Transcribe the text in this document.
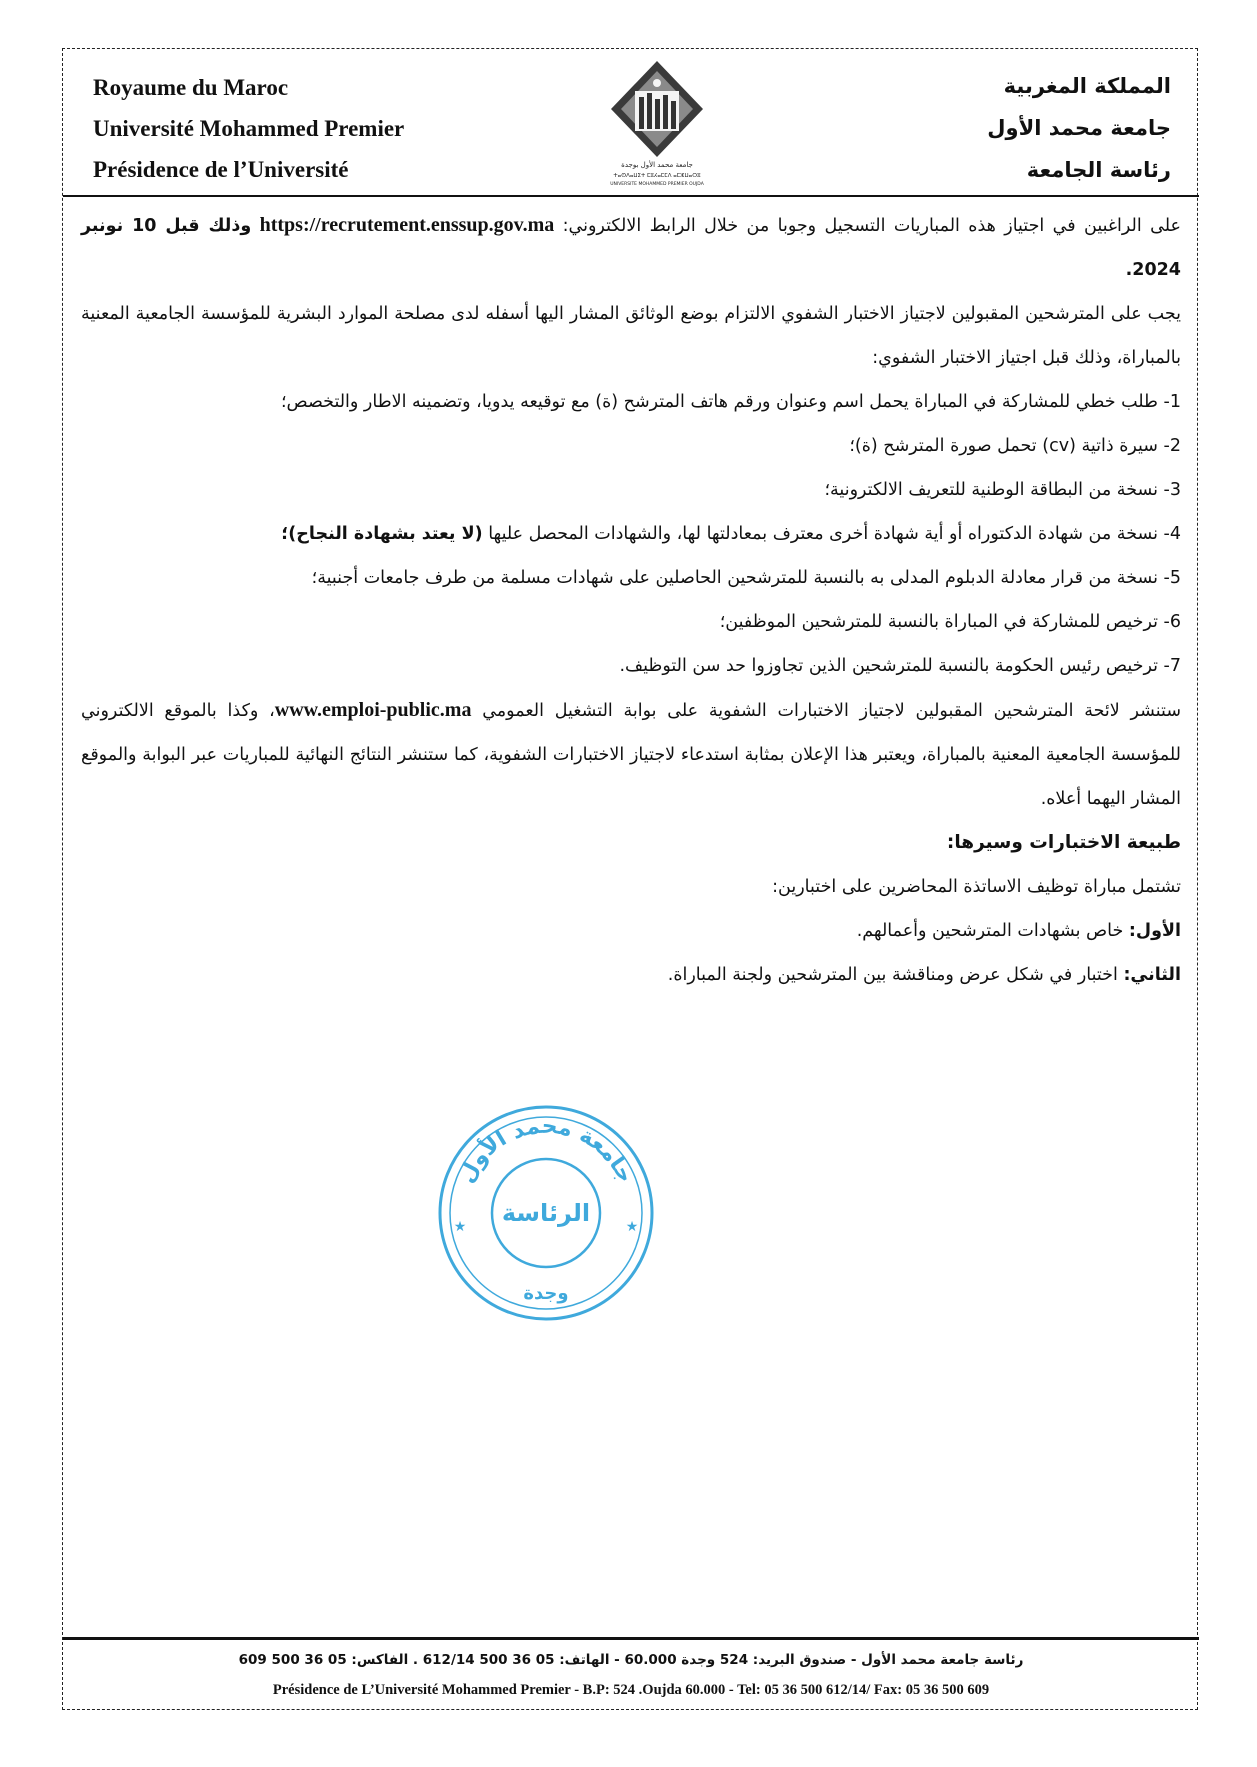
Royaume du Maroc
Université Mohammed Premier
Présidence de l’Université	جامعة محمد الأول بوجدة
ⵜⴰⵙⴷⴰⵡⵉⵜ ⵎⵓⵃⴰⵎⵎⴷ ⴰⵎⵣⵡⴰⵔⵓ
UNIVERSITE MOHAMMED PREMIER OUJDA
المملكة المغربية
جامعة محمد الأول
رئاسة الجامعة

على الراغبين في اجتياز هذه المباريات التسجيل وجوبا من خلال الرابط الالكتروني: https://recrutement.enssup.gov.ma وذلك قبل 10 نونبر 2024.

يجب على المترشحين المقبولين لاجتياز الاختبار الشفوي الالتزام بوضع الوثائق المشار اليها أسفله لدى مصلحة الموارد البشرية للمؤسسة الجامعية المعنية بالمباراة، وذلك قبل اجتياز الاختبار الشفوي:

1- طلب خطي للمشاركة في المباراة يحمل اسم وعنوان ورقم هاتف المترشح (ة) مع توقيعه يدويا، وتضمينه الاطار والتخصص؛

2- سيرة ذاتية (cv) تحمل صورة المترشح (ة)؛

3- نسخة من البطاقة الوطنية للتعريف الالكترونية؛

4- نسخة من شهادة الدكتوراه أو أية شهادة أخرى معترف بمعادلتها لها، والشهادات المحصل عليها (لا يعتد بشهادة النجاح)؛

5- نسخة من قرار معادلة الدبلوم المدلى به بالنسبة للمترشحين الحاصلين على شهادات مسلمة من طرف جامعات أجنبية؛

6- ترخيص للمشاركة في المباراة بالنسبة للمترشحين الموظفين؛

7- ترخيص رئيس الحكومة بالنسبة للمترشحين الذين تجاوزوا حد سن التوظيف.

ستنشر لائحة المترشحين المقبولين لاجتياز الاختبارات الشفوية على بوابة التشغيل العمومي www.emploi-public.ma، وكذا بالموقع الالكتروني للمؤسسة الجامعية المعنية بالمباراة، ويعتبر هذا الإعلان بمثابة استدعاء لاجتياز الاختبارات الشفوية، كما ستنشر النتائج النهائية للمباريات عبر البوابة والموقع المشار اليهما أعلاه.

طبيعة الاختبارات وسيرها:

تشتمل مباراة توظيف الاساتذة المحاضرين على اختبارين:

الأول: خاص بشهادات المترشحين وأعمالهم.

الثاني: اختبار في شكل عرض ومناقشة بين المترشحين ولجنة المباراة.

جامعة محمد الأول
الرئاسة
وجدة
★	★
رئاسة جامعة محمد الأول - صندوق البريد: 524 وجدة 60.000 - الهاتف: 05 36 500 612/14 . الفاكس: 05 36 500 609
Présidence de L’Université Mohammed Premier - B.P: 524 .Oujda 60.000 - Tel: 05 36 500 612/14/ Fax: 05 36 500 609
